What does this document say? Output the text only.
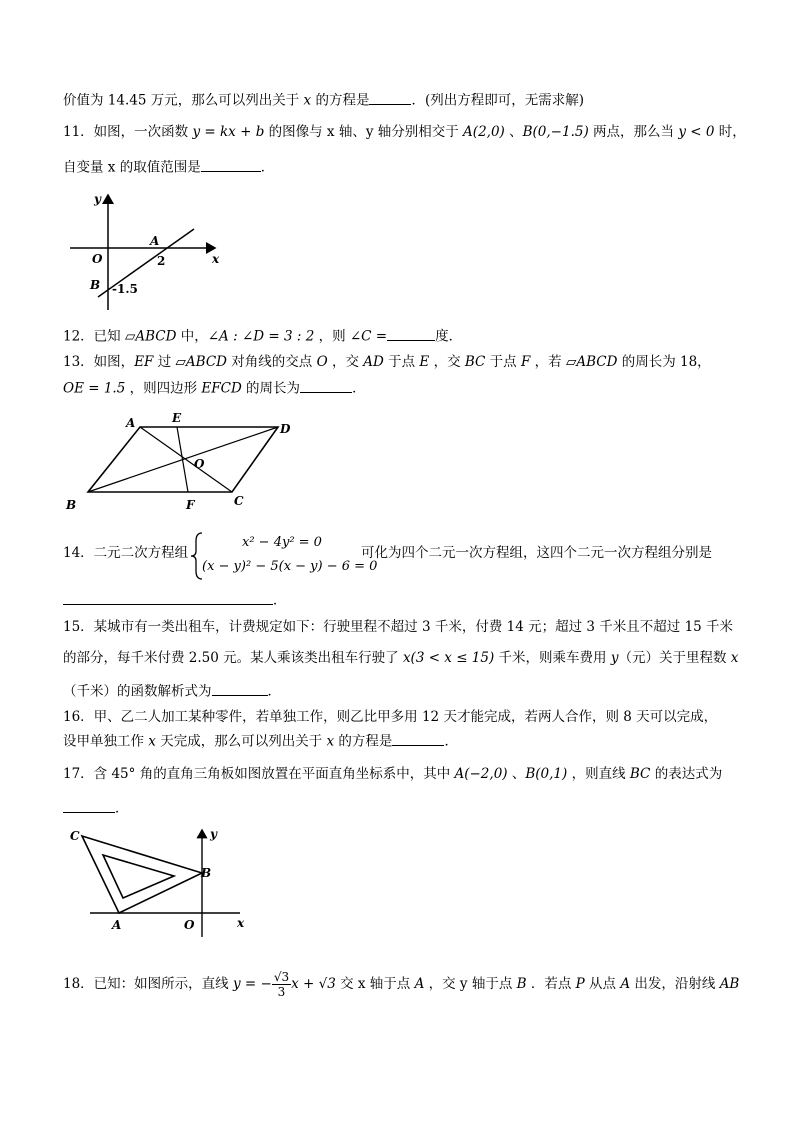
价值为 14.45 万元，那么可以列出关于 x 的方程是	．(列出方程即可，无需求解)
11．如图，一次函数 y = kx + b 的图像与 x 轴、y 轴分别相交于 A(2,0) 、B(0,−1.5) 两点，那么当 y < 0 时，
自变量 x 的取值范围是	．
y
x
A
O	2
B -1.5
12．已知 ▱ABCD 中，∠A : ∠D = 3 : 2 ，则 ∠C =	度．
13．如图，EF 过 ▱ABCD 对角线的交点 O ，交 AD 于点 E ，交 BC 于点 F ，若 ▱ABCD 的周长为 18，
OE = 1.5 ，则四边形 EFCD 的周长为	．
A	E
D
O
B	F	C
14．二元二次方程组
x² − 4y² = 0
(x − y)² − 5(x − y) − 6 = 0
可化为四个二元一次方程组，这四个二元一次方程组分别是
．
15．某城市有一类出租车，计费规定如下：行驶里程不超过 3 千米，付费 14 元；超过 3 千米且不超过 15 千米
的部分，每千米付费 2.50 元。某人乘该类出租车行驶了 x(3 < x ≤ 15) 千米，则乘车费用 y（元）关于里程数 x
（千米）的函数解析式为	．
16．甲、乙二人加工某种零件，若单独工作，则乙比甲多用 12 天才能完成，若两人合作，则 8 天可以完成，
设甲单独工作 x 天完成，那么可以列出关于 x 的方程是	．
17．含 45° 角的直角三角板如图放置在平面直角坐标系中，其中 A(−2,0) 、B(0,1) ，则直线 BC 的表达式为
．
C	y
B
A	O	x
18．已知：如图所示，直线 y = − $\frac{√3}{3}$ x + √3 交 x 轴于点 A ，交 y 轴于点 B ．若点 P 从点 A 出发，沿射线 AB
